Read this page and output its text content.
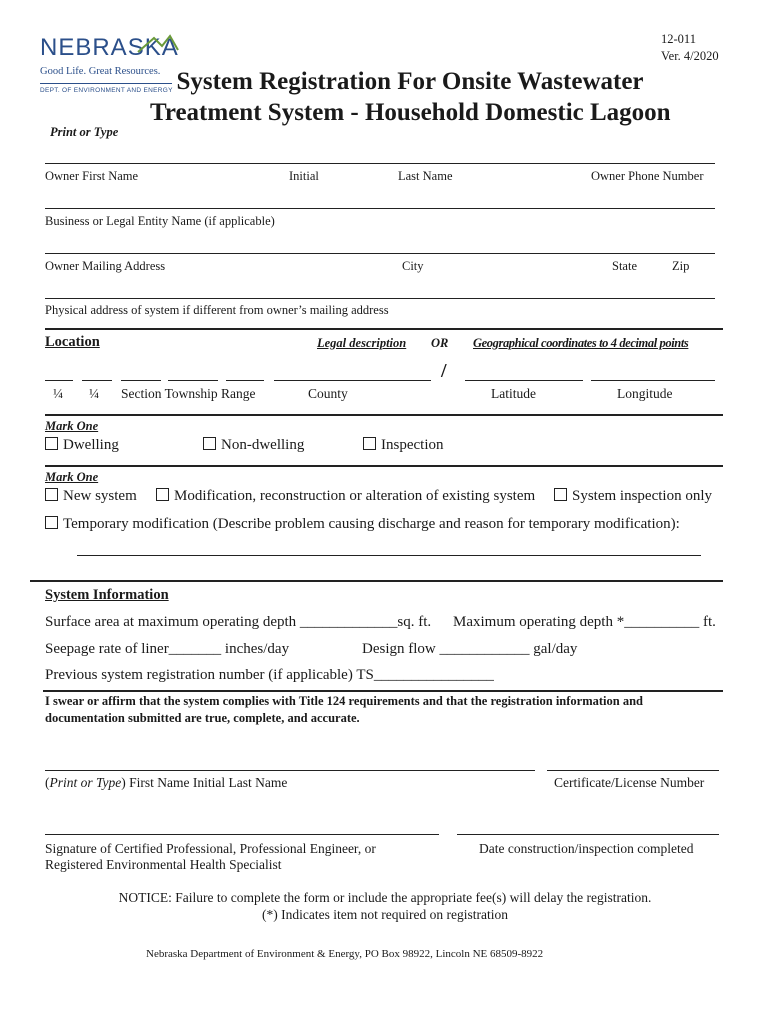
NEBRASKA
Good Life. Great Resources.
DEPT. OF ENVIRONMENT AND ENERGY
12-011
Ver. 4/2020
System Registration For Onsite Wastewater
Treatment System - Household Domestic Lagoon
Print or Type
Owner First Name	Initial	Last Name	Owner Phone Number
Business or Legal Entity Name (if applicable)
Owner Mailing Address	City	State	Zip
Physical address of system if different from owner’s mailing address
Location	Legal description OR Geographical coordinates to 4 decimal points
/
¼ ¼ Section Township Range	County	Latitude	Longitude
Mark One
Dwelling	Non-dwelling	Inspection
Mark One
New system	Modification, reconstruction or alteration of existing system	System inspection only
Temporary modification (Describe problem causing discharge and reason for temporary modification):
System Information
Surface area at maximum operating depth _____________sq. ft. Maximum operating depth *__________ ft.
Seepage rate of liner_______ inches/day	Design flow ____________ gal/day
Previous system registration number (if applicable) TS________________
I swear or affirm that the system complies with Title 124 requirements and that the registration information and
documentation submitted are true, complete, and accurate.
(Print or Type) First Name Initial Last Name	Certificate/License Number
Signature of Certified Professional, Professional Engineer, or
Registered Environmental Health Specialist
Date construction/inspection completed
NOTICE: Failure to complete the form or include the appropriate fee(s) will delay the registration.
(*) Indicates item not required on registration
Nebraska Department of Environment & Energy, PO Box 98922, Lincoln NE 68509-8922
